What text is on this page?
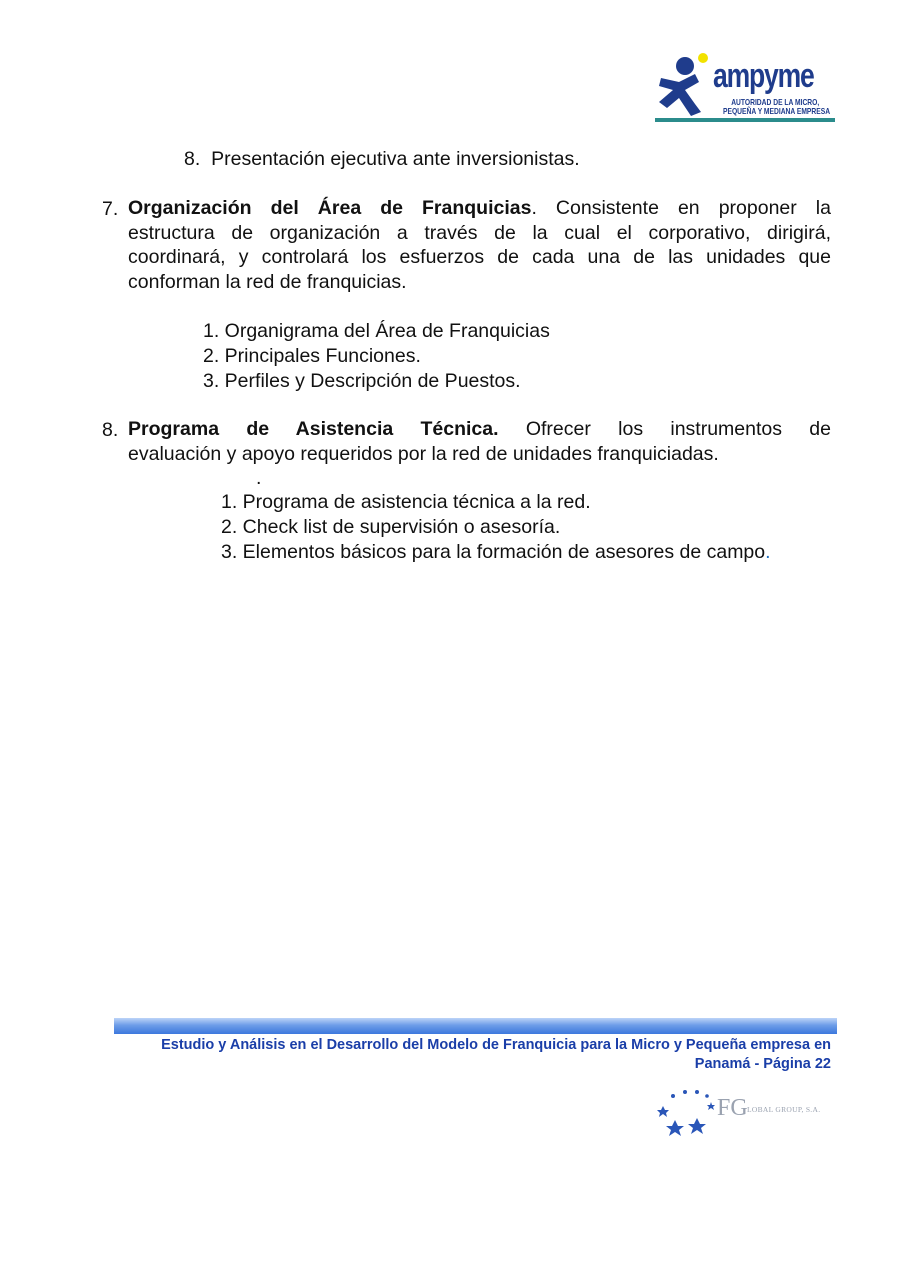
ampyme
AUTORIDAD DE LA MICRO,
PEQUEÑA Y MEDIANA EMPRESA
8. Presentación ejecutiva ante inversionistas.
7. Organización del Área de Franquicias. Consistente en proponer la
estructura de organización a través de la cual el corporativo, dirigirá,
coordinará, y controlará los esfuerzos de cada una de las unidades que
conforman la red de franquicias.
1. Organigrama del Área de Franquicias
2. Principales Funciones.
3. Perfiles y Descripción de Puestos.
8. Programa de Asistencia Técnica. Ofrecer los instrumentos de
evaluación y apoyo requeridos por la red de unidades franquiciadas.
.
1. Programa de asistencia técnica a la red.
2. Check list de supervisión o asesoría.
3. Elementos básicos para la formación de asesores de campo.
Estudio y Análisis en el Desarrollo del Modelo de Franquicia para la Micro y Pequeña empresa en
Panamá - Página 22
FG LOBAL GROUP, S.A.
